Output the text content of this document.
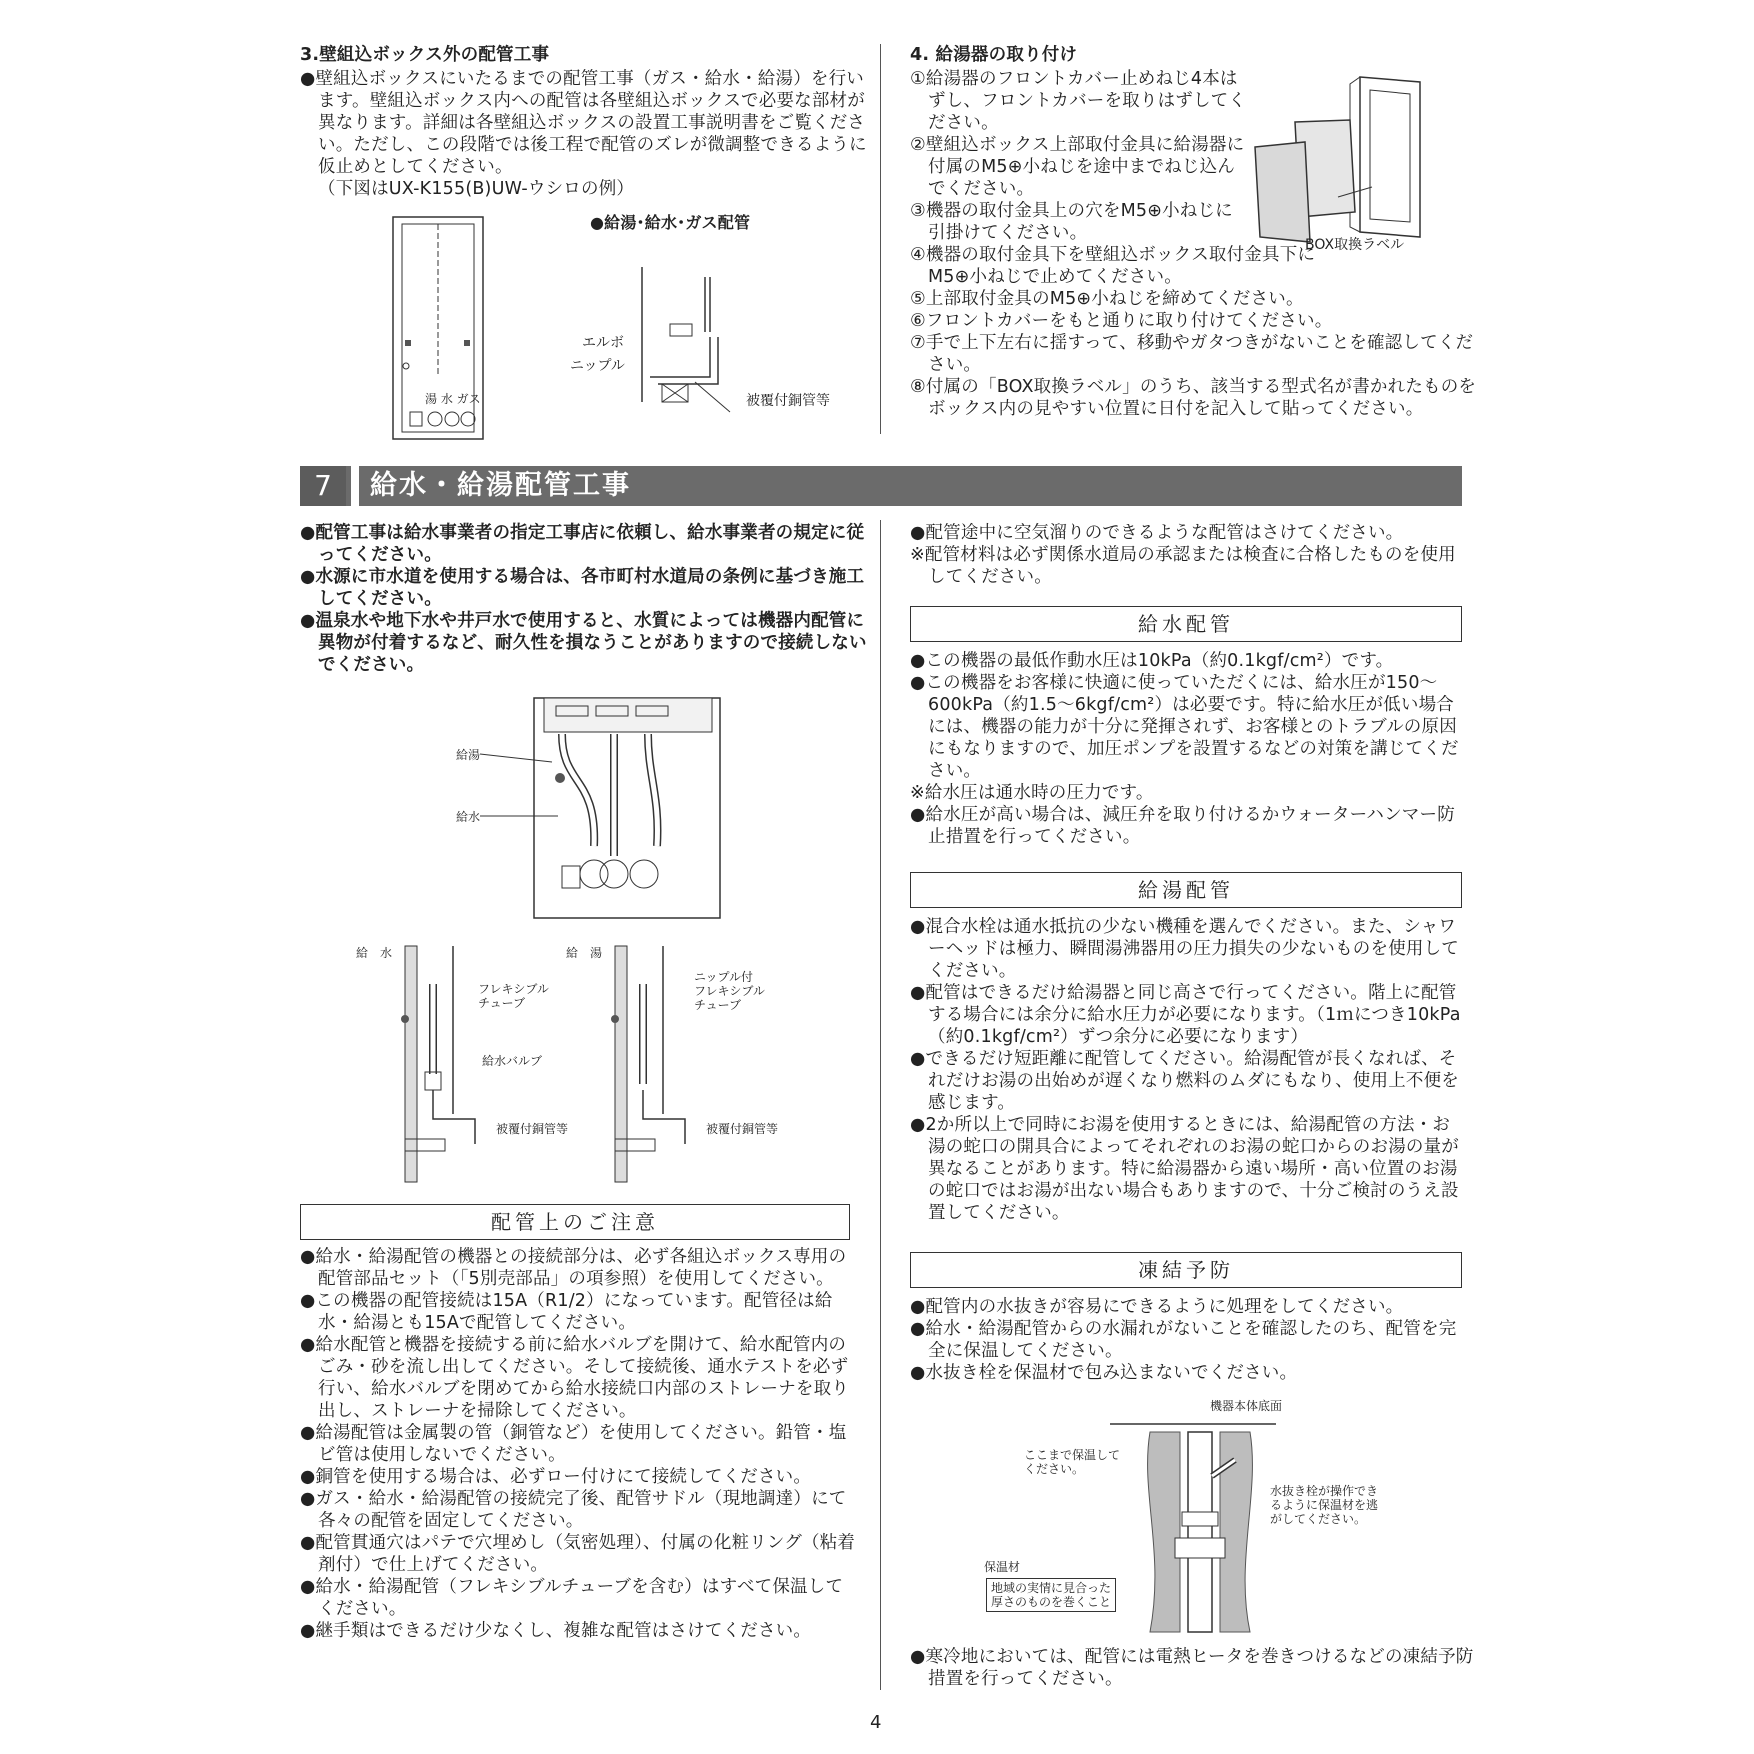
3.壁組込ボックス外の配管工事

●壁組込ボックスにいたるまでの配管工事（ガス・給水・給湯）を行います。壁組込ボックス内への配管は各壁組込ボックスで必要な部材が異なります。詳細は各壁組込ボックスの設置工事説明書をご覧ください。ただし、この段階では後工程で配管のズレが微調整できるように仮止めとしてください。

（下図はUX-K155(B)UW-ウシロの例）
●給湯･給水･ガス配管
湯 水 ガス
エルボ
ニップル
被覆付銅管等
4. 給湯器の取り付け

①給湯器のフロントカバー止めねじ4本はずし、フロントカバーを取りはずしてください。

②壁組込ボックス上部取付金具に給湯器に付属のM5⊕小ねじを途中までねじ込んでください。

③機器の取付金具上の穴をM5⊕小ねじに引掛けてください。

④機器の取付金具下を壁組込ボックス取付金具下にM5⊕小ねじで止めてください。

⑤上部取付金具のM5⊕小ねじを締めてください。

⑥フロントカバーをもと通りに取り付けてください。

⑦手で上下左右に揺すって、移動やガタつきがないことを確認してください。

⑧付属の「BOX取換ラベル」のうち、該当する型式名が書かれたものをボックス内の見やすい位置に日付を記入して貼ってください。

BOX取換ラベル
7	給水・給湯配管工事

●配管工事は給水事業者の指定工事店に依頼し、給水事業者の規定に従ってください。

●水源に市水道を使用する場合は、各市町村水道局の条例に基づき施工してください。

●温泉水や地下水や井戸水で使用すると、水質によっては機器内配管に異物が付着するなど、耐久性を損なうことがありますので接続しないでください。

給湯
給水
給　水
フレキシブル
チューブ
給水バルブ
被覆付銅管等
給　湯
ニップル付
フレキシブル
チューブ
被覆付銅管等
配管上のご注意

●給水・給湯配管の機器との接続部分は、必ず各組込ボックス専用の配管部品セット（「5別売部品」の項参照）を使用してください。

●この機器の配管接続は15A（R1/2）になっています。配管径は給水・給湯とも15Aで配管してください。

●給水配管と機器を接続する前に給水バルブを開けて、給水配管内のごみ・砂を流し出してください。そして接続後、通水テストを必ず行い、給水バルブを閉めてから給水接続口内部のストレーナを取り出し、ストレーナを掃除してください。

●給湯配管は金属製の管（銅管など）を使用してください。鉛管・塩ビ管は使用しないでください。

●銅管を使用する場合は、必ずロー付けにて接続してください。

●ガス・給水・給湯配管の接続完了後、配管サドル（現地調達）にて各々の配管を固定してください。

●配管貫通穴はパテで穴埋めし（気密処理）、付属の化粧リング（粘着剤付）で仕上げてください。

●給水・給湯配管（フレキシブルチューブを含む）はすべて保温してください。

●継手類はできるだけ少なくし、複雑な配管はさけてください。

●配管途中に空気溜りのできるような配管はさけてください。

※配管材料は必ず関係水道局の承認または検査に合格したものを使用してください。

給水配管

●この機器の最低作動水圧は10kPa（約0.1kgf/cm²）です。

●この機器をお客様に快適に使っていただくには、給水圧が150～600kPa（約1.5～6kgf/cm²）は必要です。特に給水圧が低い場合には、機器の能力が十分に発揮されず、お客様とのトラブルの原因にもなりますので、加圧ポンプを設置するなどの対策を講じてください。

※給水圧は通水時の圧力です。

●給水圧が高い場合は、減圧弁を取り付けるかウォーターハンマー防止措置を行ってください。

給湯配管

●混合水栓は通水抵抗の少ない機種を選んでください。また、シャワーヘッドは極力、瞬間湯沸器用の圧力損失の少ないものを使用してください。

●配管はできるだけ給湯器と同じ高さで行ってください。階上に配管する場合には余分に給水圧力が必要になります。（1ｍにつき10kPa（約0.1kgf/cm²）ずつ余分に必要になります）

●できるだけ短距離に配管してください。給湯配管が長くなれば、それだけお湯の出始めが遅くなり燃料のムダにもなり、使用上不便を感じます。

●2か所以上で同時にお湯を使用するときには、給湯配管の方法・お湯の蛇口の開具合によってそれぞれのお湯の蛇口からのお湯の量が異なることがあります。特に給湯器から遠い場所・高い位置のお湯の蛇口ではお湯が出ない場合もありますので、十分ご検討のうえ設置してください。

凍結予防

●配管内の水抜きが容易にできるように処理をしてください。

●給水・給湯配管からの水漏れがないことを確認したのち、配管を完全に保温してください。

●水抜き栓を保温材で包み込まないでください。

機器本体底面
ここまで保温して
ください。
水抜き栓が操作でき
るように保温材を逃
がしてください。
保温材
地域の実情に見合った
厚さのものを巻くこと

●寒冷地においては、配管には電熱ヒータを巻きつけるなどの凍結予防措置を行ってください。

4
